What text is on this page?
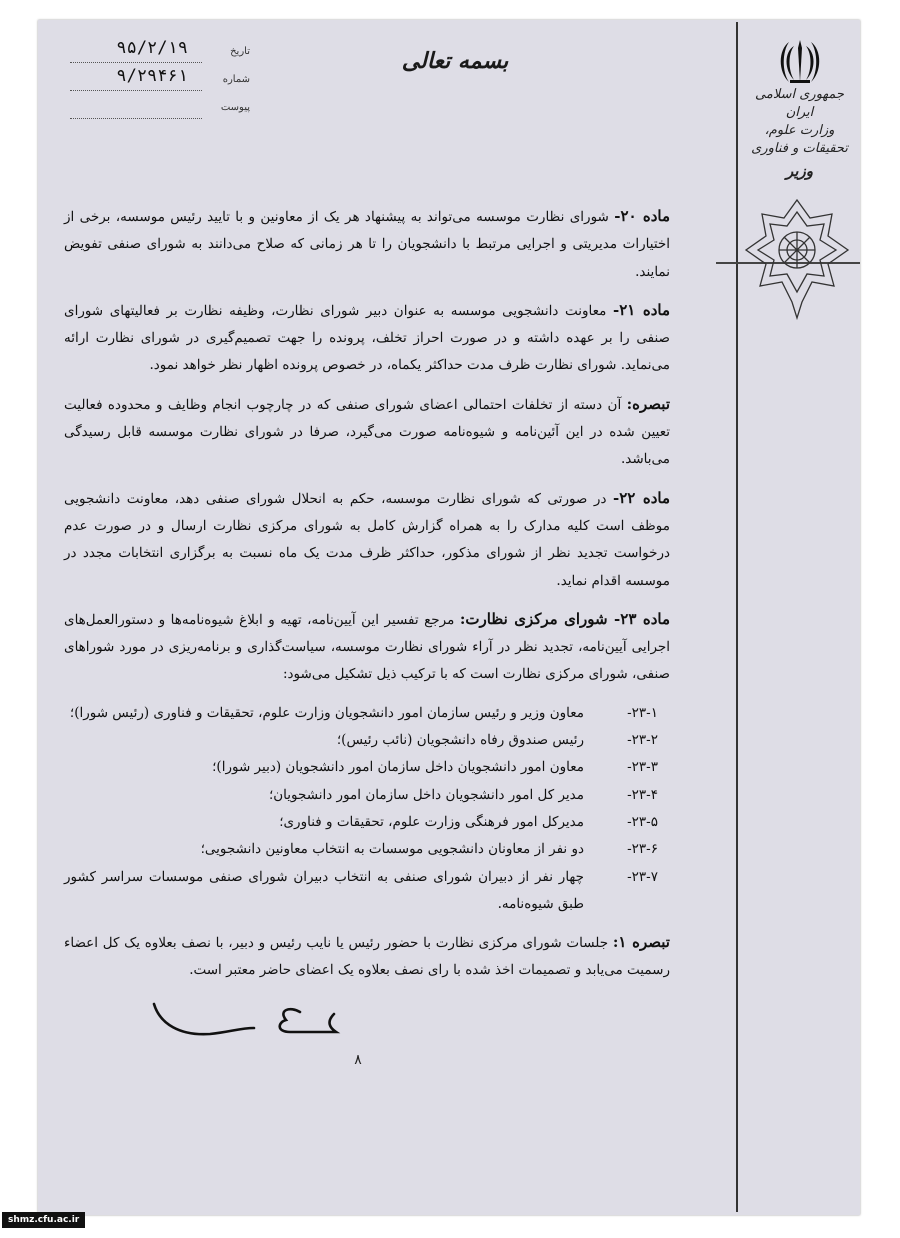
جمهوری اسلامی ایران
وزارت علوم، تحقیقات و فناوری
وزیر
بسمه تعالی
تاریخ
۹۵/۲/۱۹
شماره
۹/۲۹۴۶۱
پیوست

ماده ۲۰- شورای نظارت موسسه می‌تواند به پیشنهاد هر یک از معاونین و با تایید رئیس موسسه، برخی از اختیارات مدیریتی و اجرایی مرتبط با دانشجویان را تا هر زمانی که صلاح می‌دانند به شورای صنفی تفویض نمایند.

ماده ۲۱- معاونت دانشجویی موسسه به عنوان دبیر شورای نظارت، وظیفه نظارت بر فعالیتهای شورای صنفی را بر عهده داشته و در صورت احراز تخلف، پرونده را جهت تصمیم‌گیری در شورای نظارت ارائه می‌نماید. شورای نظارت ظرف مدت حداکثر یکماه، در خصوص پرونده اظهار نظر خواهد نمود.

تبصره: آن دسته از تخلفات احتمالی اعضای شورای صنفی که در چارچوب انجام وظایف و محدوده فعالیت تعیین شده در این آئین‌نامه و شیوه‌نامه صورت می‌گیرد، صرفا در شورای نظارت موسسه قابل رسیدگی می‌باشد.

ماده ۲۲- در صورتی که شورای نظارت موسسه، حکم به انحلال شورای صنفی دهد، معاونت دانشجویی موظف است کلیه مدارک را به همراه گزارش کامل به شورای مرکزی نظارت ارسال و در صورت عدم درخواست تجدید نظر از شورای مذکور، حداکثر ظرف مدت یک ماه نسبت به برگزاری انتخابات مجدد در موسسه اقدام نماید.

ماده ۲۳- شورای مرکزی نظارت: مرجع تفسیر این آیین‌نامه، تهیه و ابلاغ شیوه‌نامه‌ها و دستورالعمل‌های اجرایی آیین‌نامه، تجدید نظر در آراء شورای نظارت موسسه، سیاست‌گذاری و برنامه‌ریزی در مورد شوراهای صنفی، شورای مرکزی نظارت است که با ترکیب ذیل تشکیل می‌شود:

۲۳-۱-
معاون وزیر و رئیس سازمان امور دانشجویان وزارت علوم، تحقیقات و فناوری (رئیس شورا)؛

۲۳-۲-
رئیس صندوق رفاه دانشجویان (نائب رئیس)؛

۲۳-۳-
معاون امور دانشجویان داخل سازمان امور دانشجویان (دبیر شورا)؛

۲۳-۴-
مدیر کل امور دانشجویان داخل سازمان امور دانشجویان؛

۲۳-۵-
مدیرکل امور فرهنگی وزارت علوم، تحقیقات و فناوری؛

۲۳-۶-
دو نفر از معاونان دانشجویی موسسات به انتخاب معاونین دانشجویی؛

۲۳-۷-
چهار نفر از دبیران شورای صنفی به انتخاب دبیران شورای صنفی موسسات سراسر کشور طبق شیوه‌نامه.

تبصره ۱: جلسات شورای مرکزی نظارت با حضور رئیس یا نایب رئیس و دبیر، با نصف بعلاوه یک کل اعضاء رسمیت می‌یابد و تصمیمات اخذ شده با رای نصف بعلاوه یک اعضای حاضر معتبر است.

۸
shmz.cfu.ac.ir
